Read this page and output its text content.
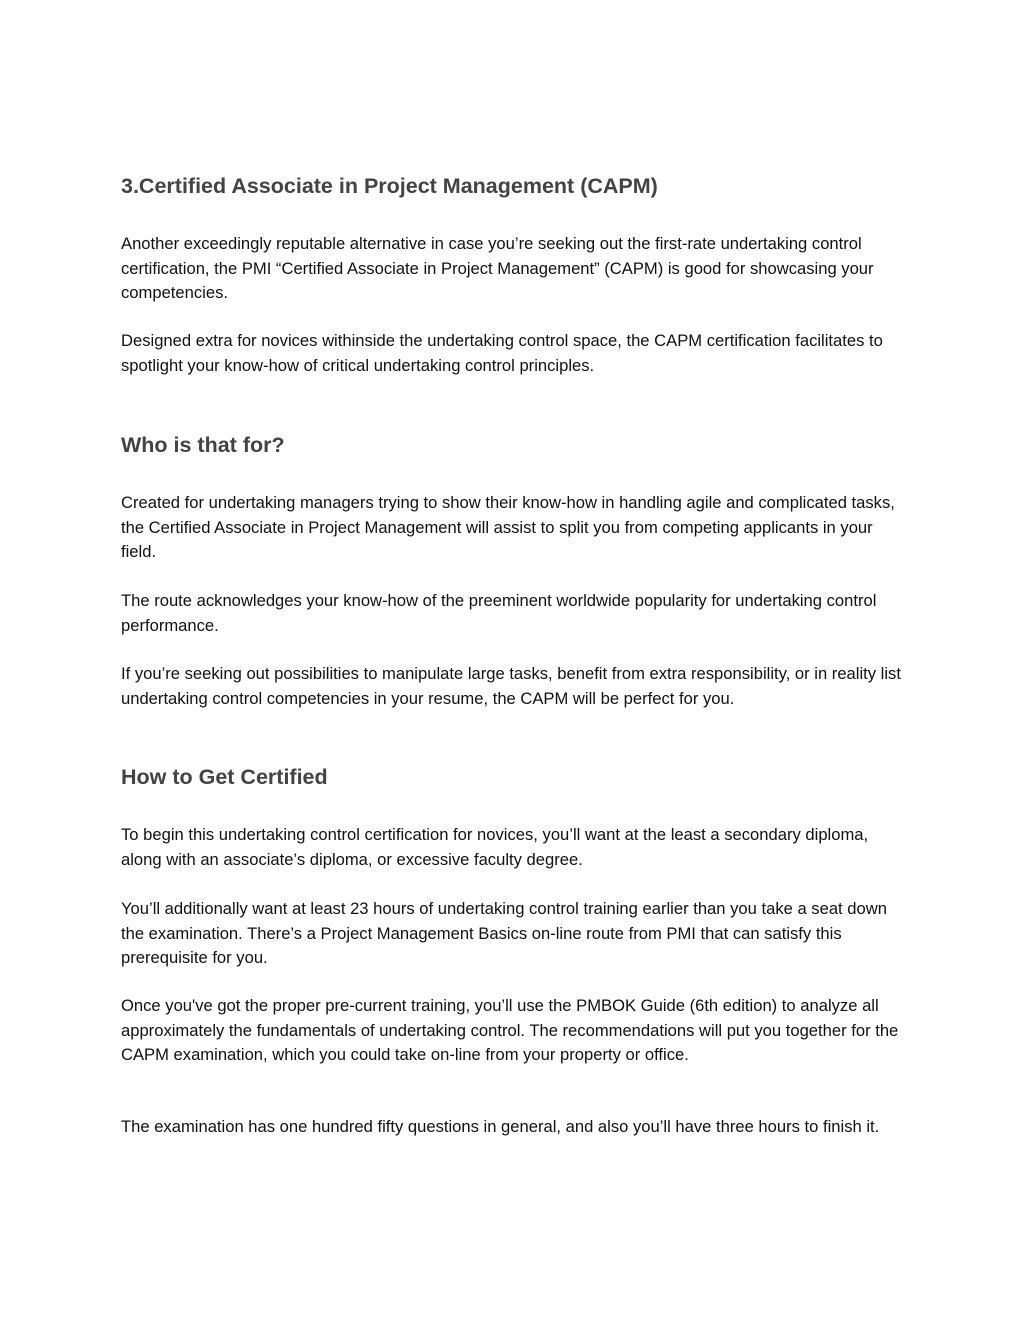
3.Certified Associate in Project Management (CAPM)

Another exceedingly reputable alternative in case you’re seeking out the first-rate undertaking control certification, the PMI “Certified Associate in Project Management” (CAPM) is good for showcasing your competencies.

Designed extra for novices withinside the undertaking control space, the CAPM certification facilitates to spotlight your know-how of critical undertaking control principles.

Who is that for?

Created for undertaking managers trying to show their know-how in handling agile and complicated tasks, the Certified Associate in Project Management will assist to split you from competing applicants in your field.

The route acknowledges your know-how of the preeminent worldwide popularity for undertaking control performance.

If you’re seeking out possibilities to manipulate large tasks, benefit from extra responsibility, or in reality list undertaking control competencies in your resume, the CAPM will be perfect for you.

How to Get Certified

To begin this undertaking control certification for novices, you’ll want at the least a secondary diploma, along with an associate’s diploma, or excessive faculty degree.

You’ll additionally want at least 23 hours of undertaking control training earlier than you take a seat down the examination. There’s a Project Management Basics on-line route from PMI that can satisfy this prerequisite for you.

Once you've got the proper pre-current training, you’ll use the PMBOK Guide (6th edition) to analyze all approximately the fundamentals of undertaking control. The recommendations will put you together for the CAPM examination, which you could take on-line from your property or office.

The examination has one hundred fifty questions in general, and also you’ll have three hours to finish it.
